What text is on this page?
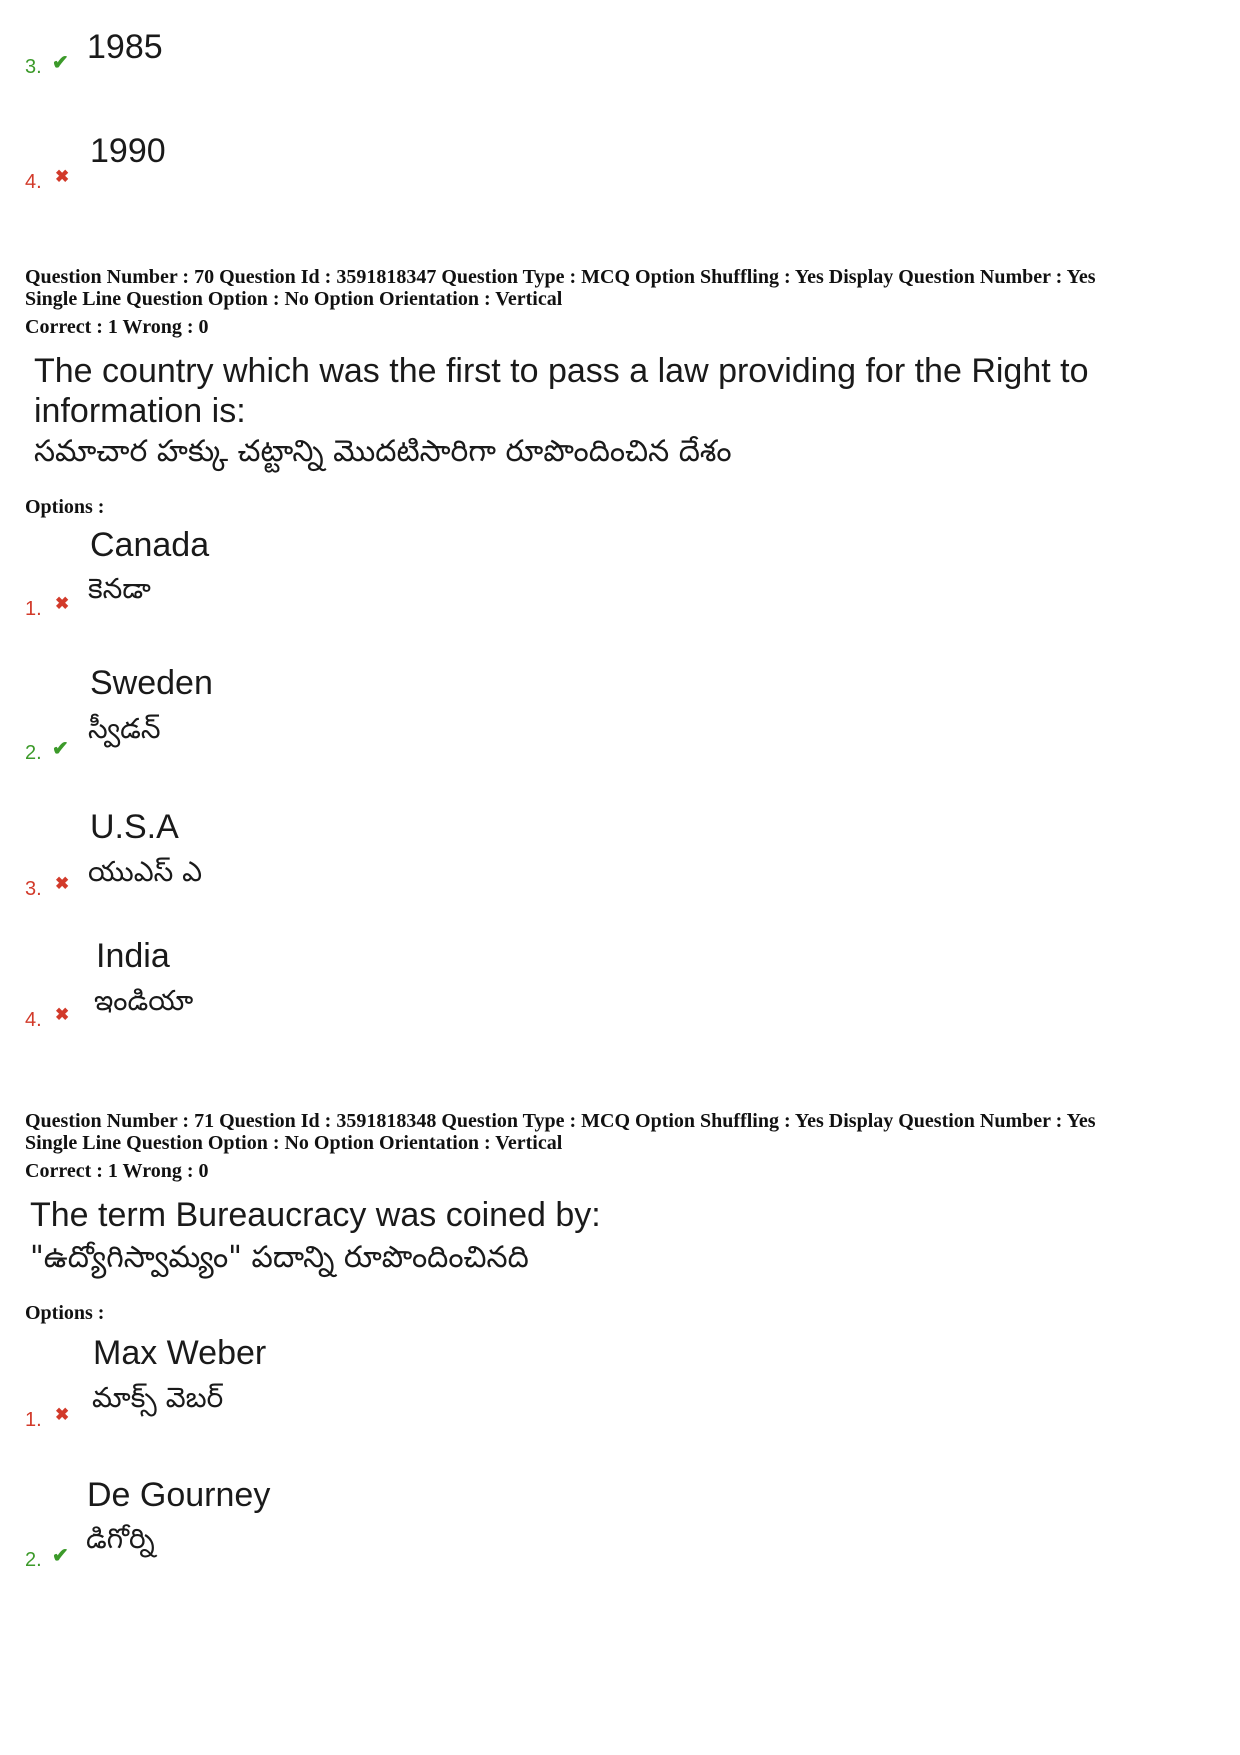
3. ✔ 1985
4. ✖
1990
Question Number : 70 Question Id : 3591818347 Question Type : MCQ Option Shuffling : Yes Display Question Number : Yes
Single Line Question Option : No Option Orientation : Vertical
Correct : 1 Wrong : 0
The country which was the first to pass a law providing for the Right to
information is:
సమాచార హక్కు చట్టాన్ని మొదటిసారిగా రూపొందించిన దేశం
Options :
1. ✖
Canada
కెనడా
2. ✔
Sweden
స్వీడన్
3. ✖
U.S.A
యుఎస్ ఎ
4. ✖
India
ఇండియా
Question Number : 71 Question Id : 3591818348 Question Type : MCQ Option Shuffling : Yes Display Question Number : Yes
Single Line Question Option : No Option Orientation : Vertical
Correct : 1 Wrong : 0
The term Bureaucracy was coined by:
"ఉద్యోగిస్వామ్యం" పదాన్ని రూపొందించినది
Options :
1. ✖
Max Weber
మాక్స్ వెబర్
2. ✔
De Gourney
డిగోర్ని
